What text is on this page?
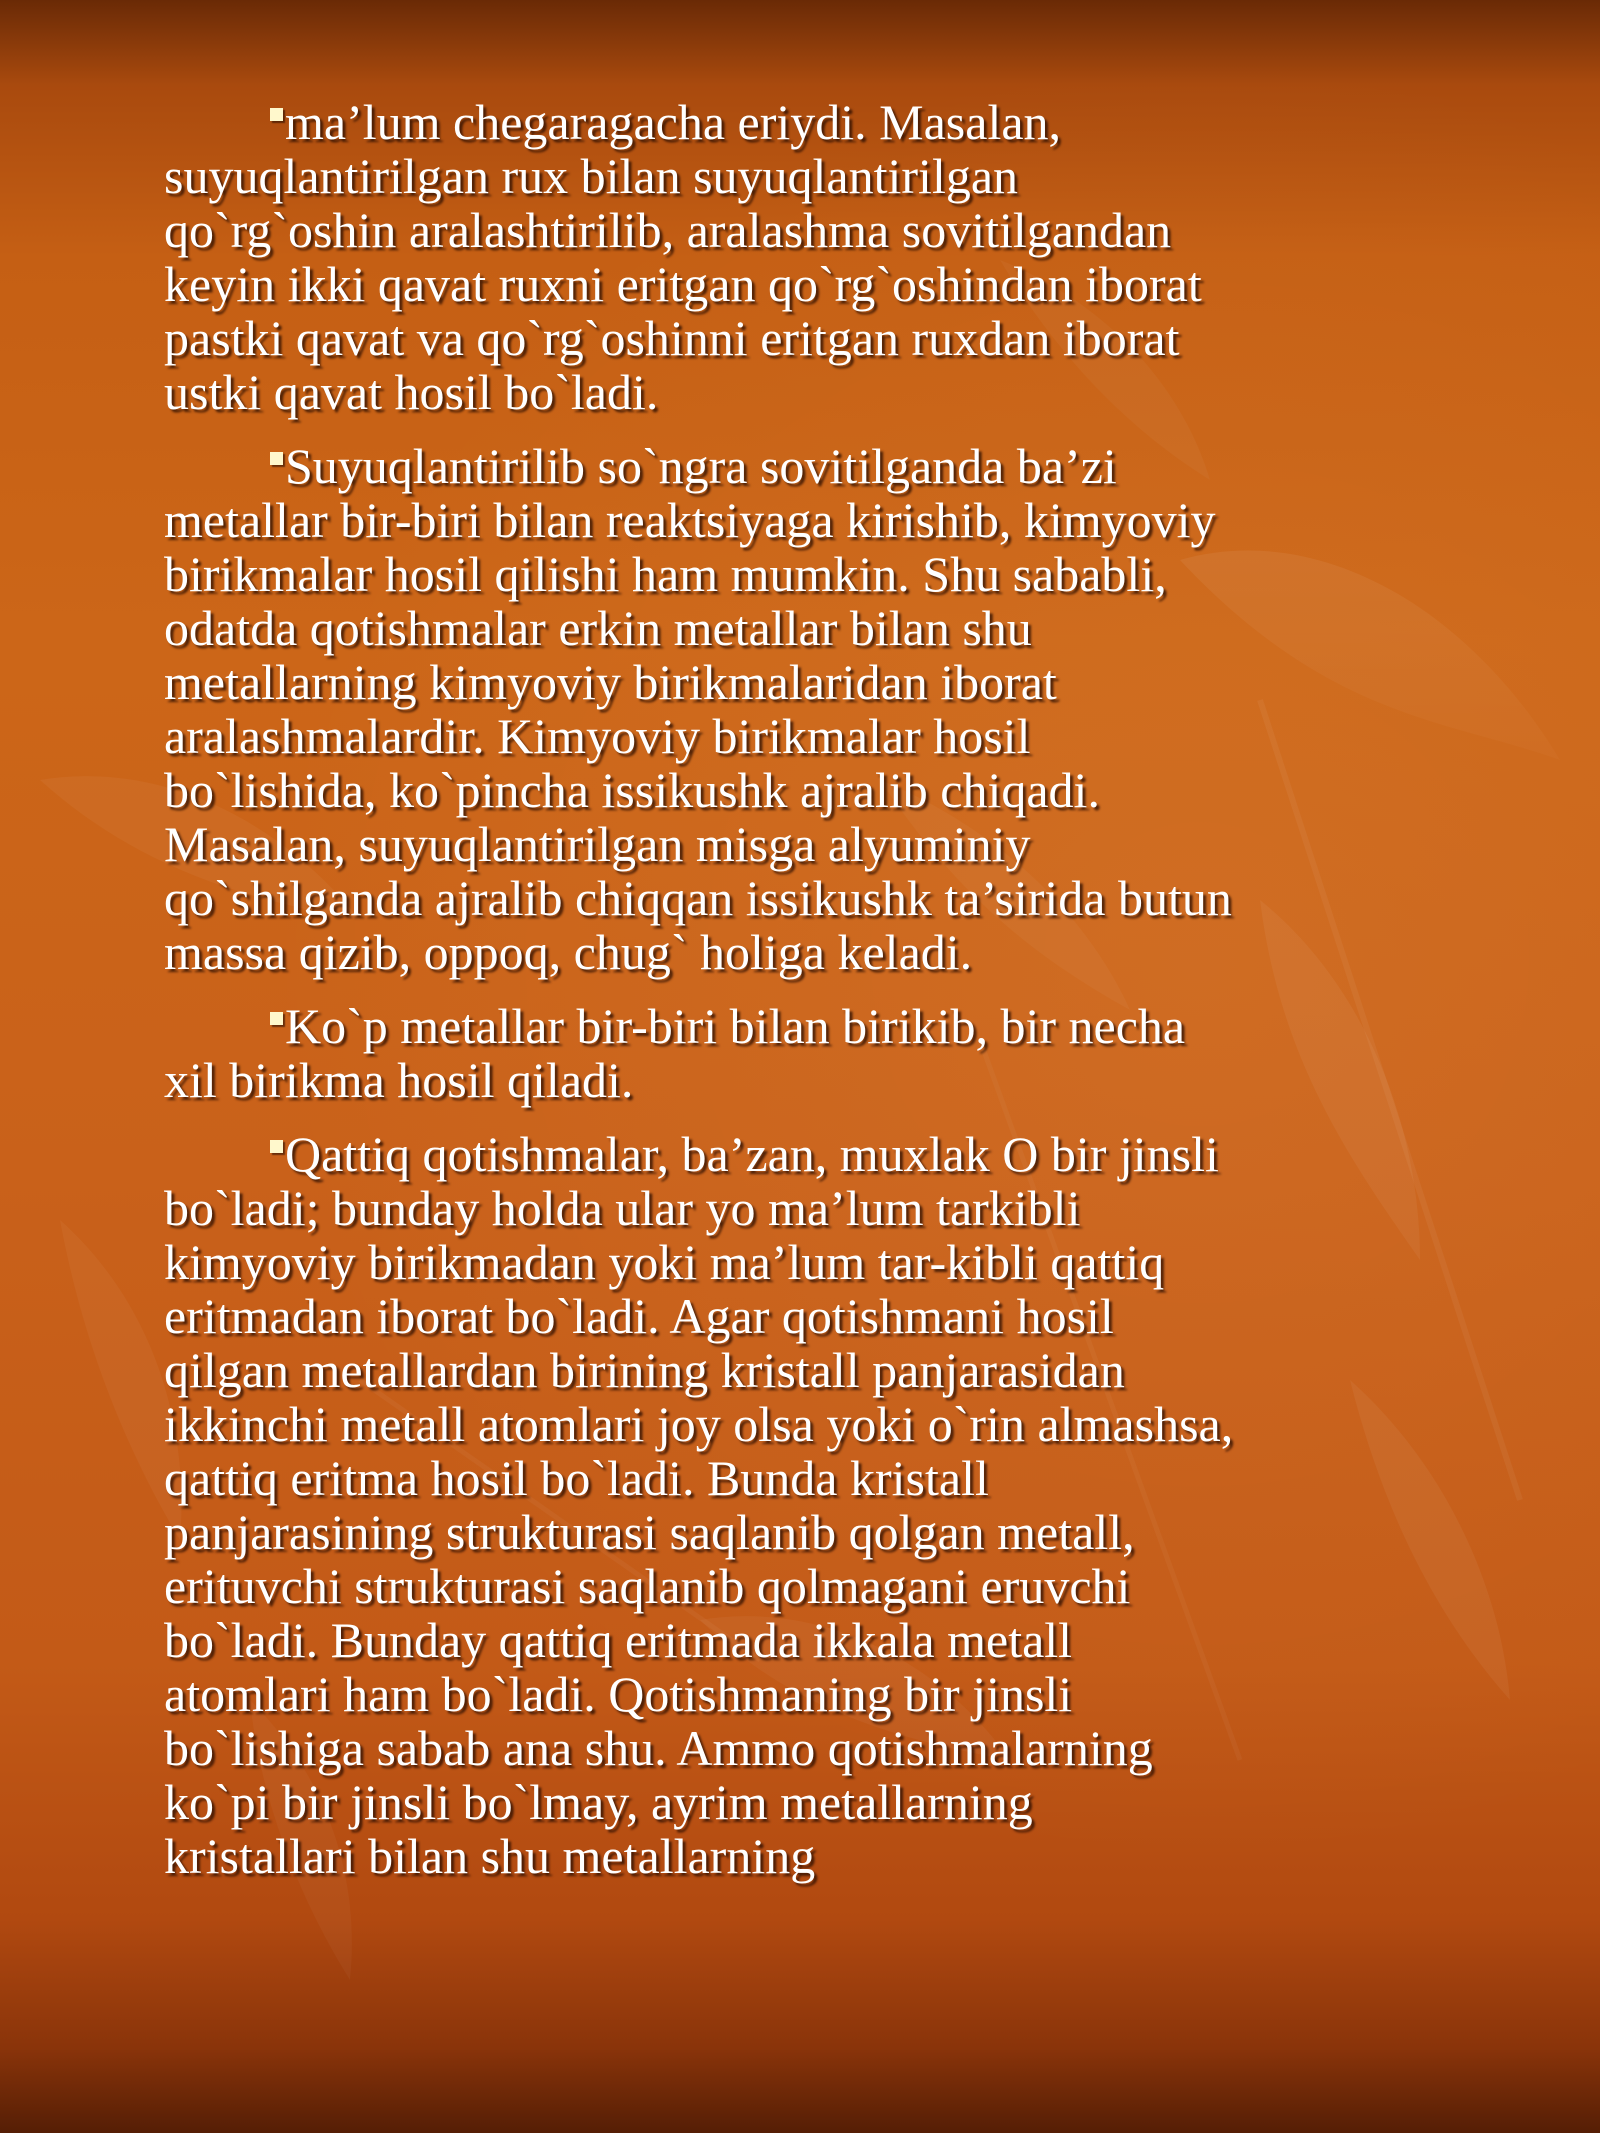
ma’lum chegaragacha eriydi. Masalan,
suyuqlantirilgan rux bilan suyuqlantirilgan
qo`rg`oshin aralashtirilib, aralashma sovitilgandan
keyin ikki qavat ruxni eritgan qo`rg`oshindan iborat
pastki qavat va qo`rg`oshinni eritgan ruxdan iborat
ustki qavat hosil bo`ladi.

Suyuqlantirilib so`ngra sovitilganda ba’zi
metallar bir-biri bilan reaktsiyaga kirishib, kimyoviy
birikmalar hosil qilishi ham mumkin. Shu sababli,
odatda qotishmalar erkin metallar bilan shu
metallarning kimyoviy birikmalaridan iborat
aralashmalardir. Kimyoviy birikmalar hosil
bo`lishida, ko`pincha issikushk ajralib chiqadi.
Masalan, suyuqlantirilgan misga alyuminiy
qo`shilganda ajralib chiqqan issikushk ta’sirida butun
massa qizib, oppoq, chug` holiga keladi.

Ko`p metallar bir-biri bilan birikib, bir necha
xil birikma hosil qiladi.

Qattiq qotishmalar, ba’zan, muxlak O bir jinsli
bo`ladi; bunday holda ular yo ma’lum tarkibli
kimyoviy birikmadan yoki ma’lum tar-kibli qattiq
eritmadan iborat bo`ladi. Agar qotishmani hosil
qilgan metallardan birining kristall panjarasidan
ikkinchi metall atomlari joy olsa yoki o`rin almashsa,
qattiq eritma hosil bo`ladi. Bunda kristall
panjarasining strukturasi saqlanib qolgan metall,
erituvchi strukturasi saqlanib qolmagani eruvchi
bo`ladi. Bunday qattiq eritmada ikkala metall
atomlari ham bo`ladi. Qotishmaning bir jinsli
bo`lishiga sabab ana shu. Ammo qotishmalarning
ko`pi bir jinsli bo`lmay, ayrim metallarning
kristallari bilan shu metallarning
